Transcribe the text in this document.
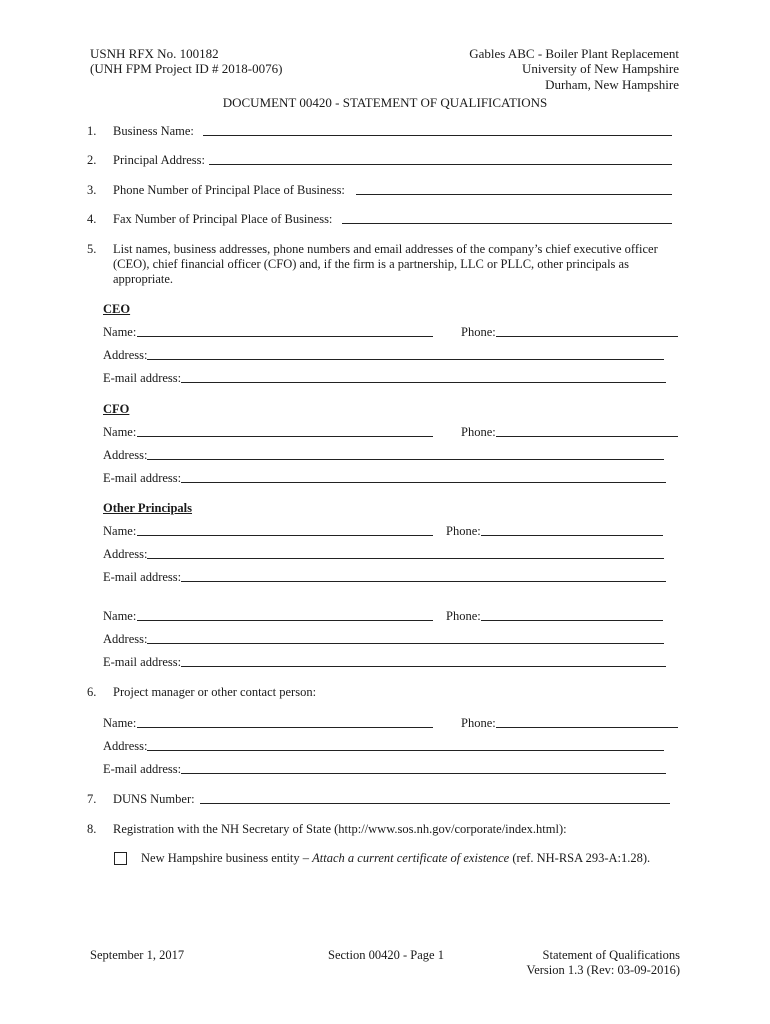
USNH RFX No. 100182
(UNH FPM Project ID # 2018-0076)
Gables ABC - Boiler Plant Replacement
University of New Hampshire
Durham, New Hampshire
DOCUMENT 00420 - STATEMENT OF QUALIFICATIONS
1. Business Name:
2. Principal Address:
3. Phone Number of Principal Place of Business:
4. Fax Number of Principal Place of Business:
5. List names, business addresses, phone numbers and email addresses of the company’s chief executive officer
(CEO), chief financial officer (CFO) and, if the firm is a partnership, LLC or PLLC, other principals as
appropriate.
CEO
Name:	Phone:
Address:
E-mail address:
CFO
Name:	Phone:
Address:
E-mail address:
Other Principals
Name:	Phone:
Address:
E-mail address:
Name:	Phone:
Address:
E-mail address:
6. Project manager or other contact person:
Name:	Phone:
Address:
E-mail address:
7. DUNS Number:
8. Registration with the NH Secretary of State (http://www.sos.nh.gov/corporate/index.html):
New Hampshire business entity – Attach a current certificate of existence (ref. NH-RSA 293-A:1.28).
September 1, 2017	Section 00420 - Page 1	Statement of Qualifications
Version 1.3 (Rev: 03-09-2016)
